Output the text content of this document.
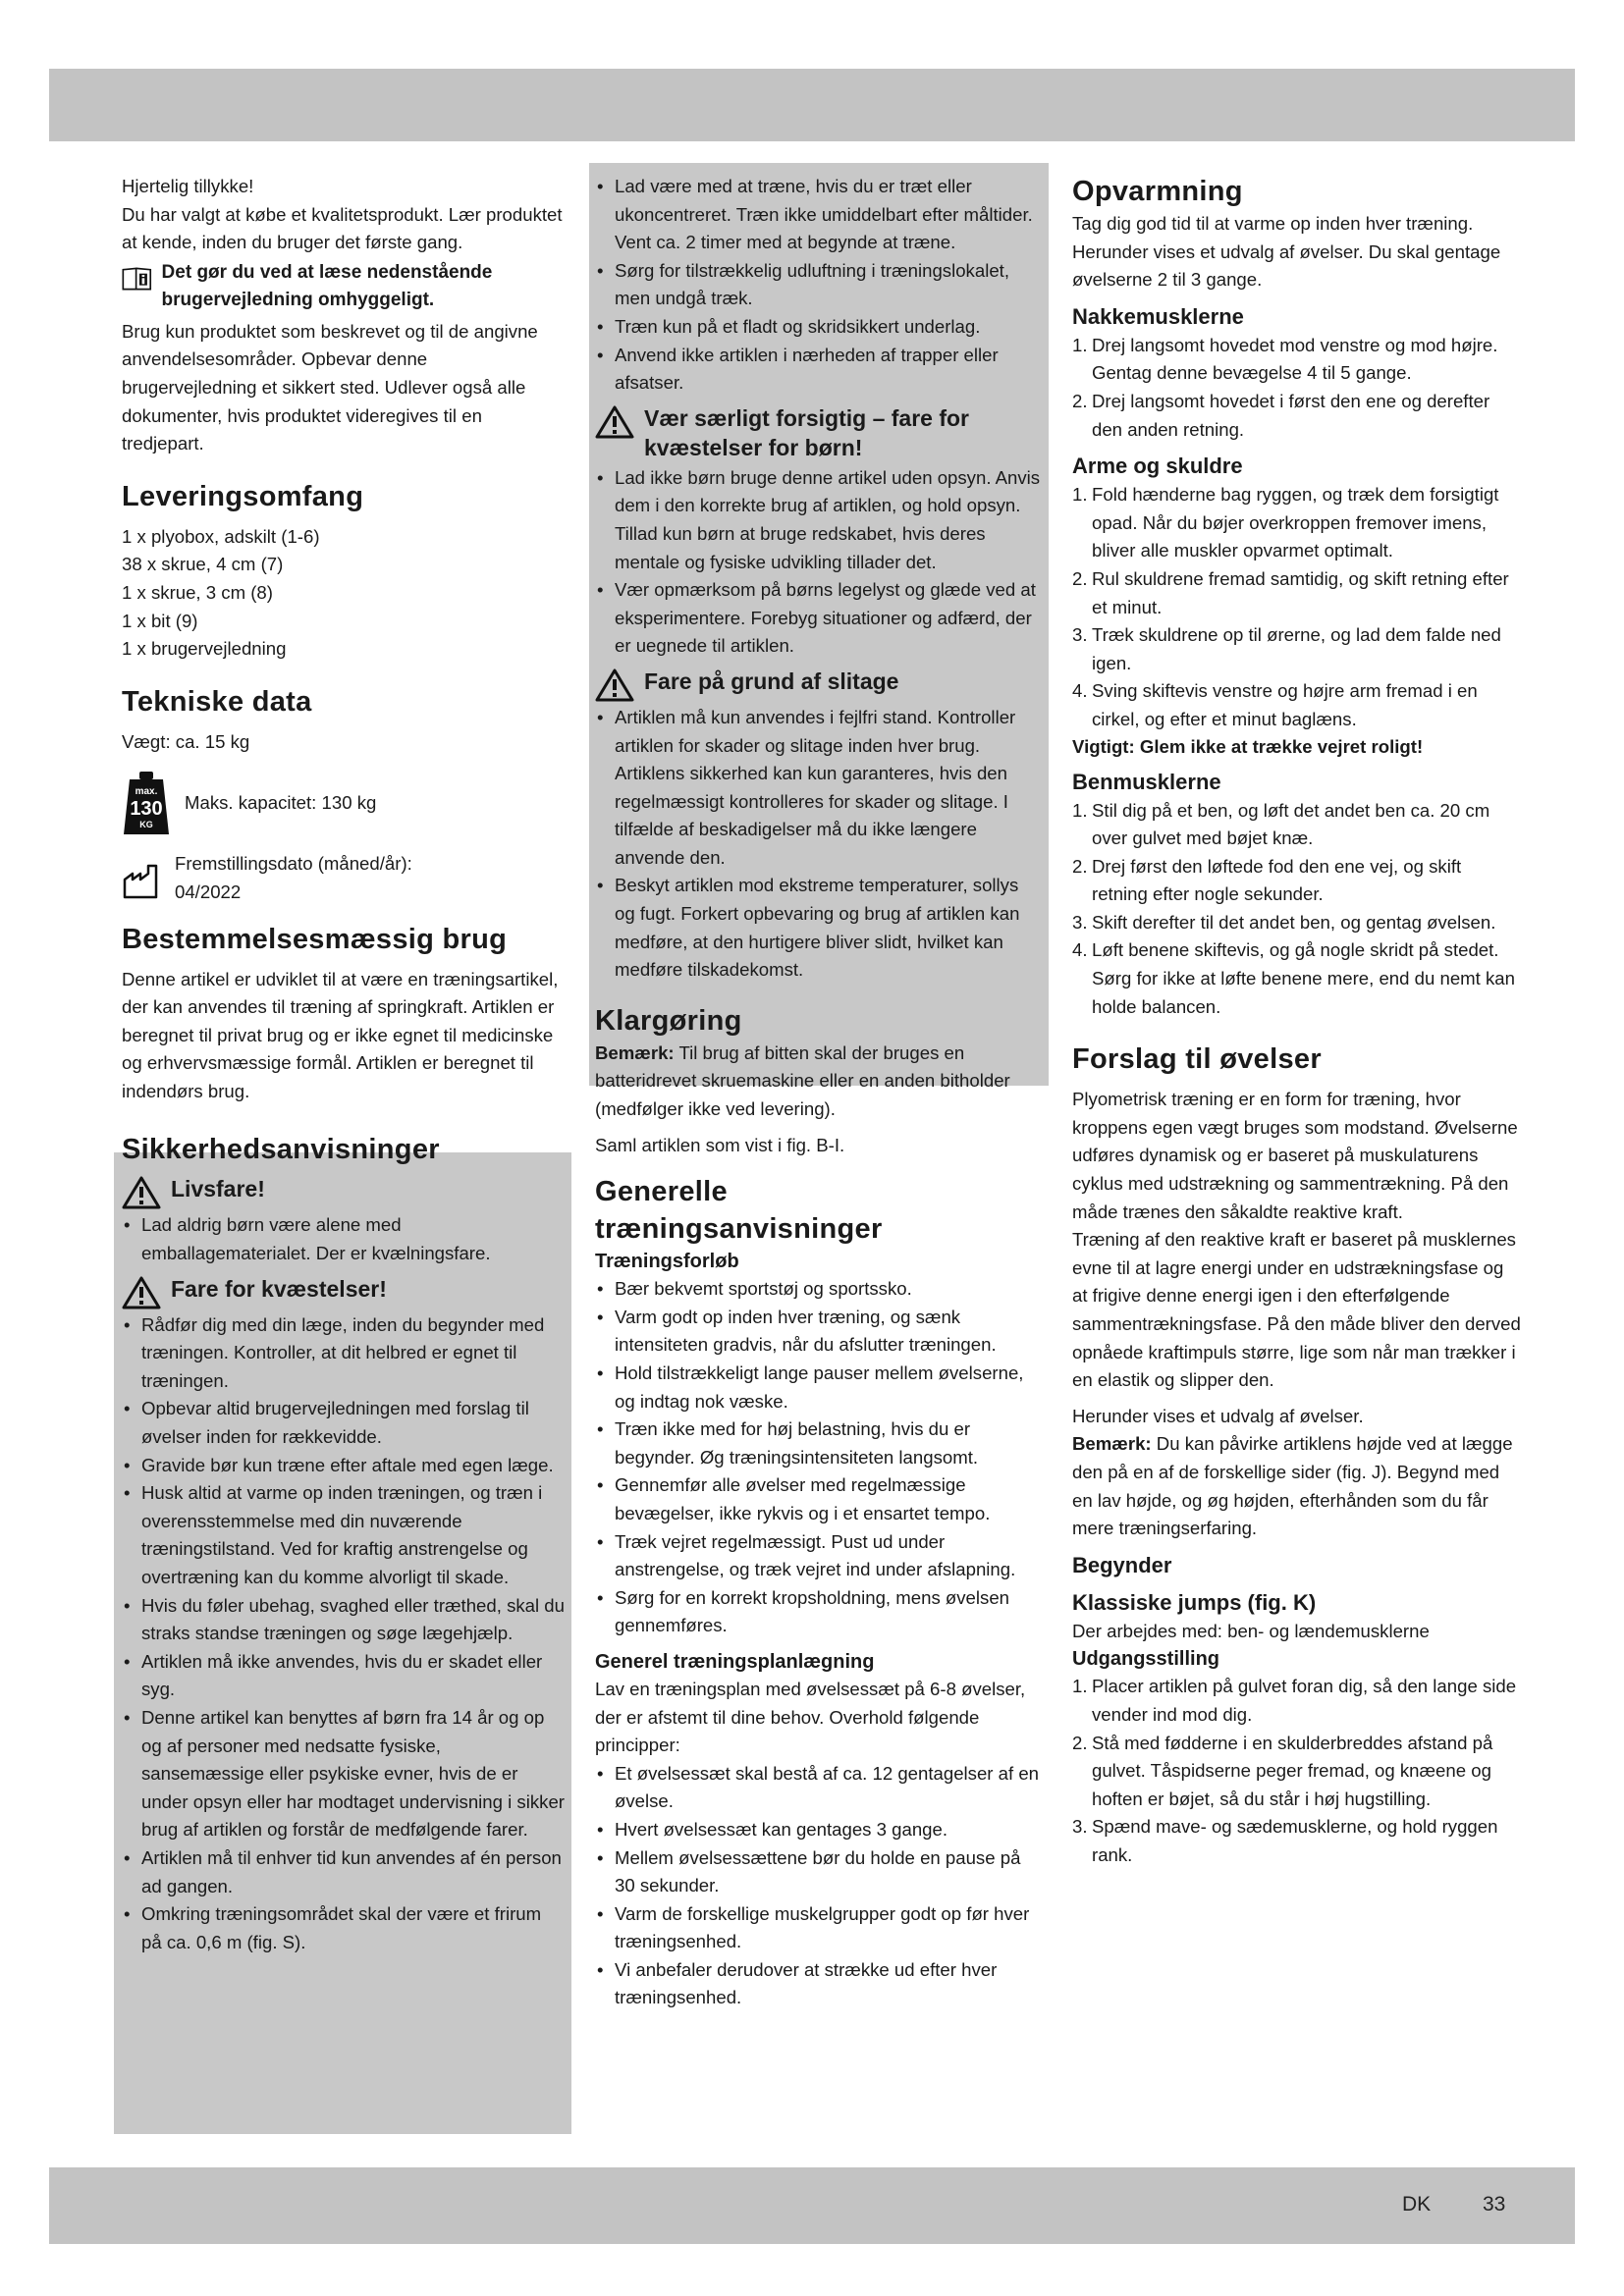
Hjertelig tillykke!

Du har valgt at købe et kvalitetsprodukt. Lær produktet at kende, inden du bruger det første gang.

Det gør du ved at læse nedenstående brugervejledning omhyggeligt.

Brug kun produktet som beskrevet og til de angivne anvendelsesområder. Opbevar denne brugervejledning et sikkert sted. Udlever også alle dokumenter, hvis produktet videregives til en tredjepart.

Leveringsomfang

1 x plyobox, adskilt (1-6)

38 x skrue, 4 cm (7)

1 x skrue, 3 cm (8)

1 x bit (9)

1 x brugervejledning

Tekniske data

Vægt: ca. 15 kg

max.
130
KG
Maks. kapacitet: 130 kg

Fremstillingsdato (måned/år):

04/2022

Bestemmelsesmæssig brug

Denne artikel er udviklet til at være en træningsartikel, der kan anvendes til træning af springkraft. Artiklen er beregnet til privat brug og er ikke egnet til medicinske og erhvervsmæssige formål. Artiklen er beregnet til indendørs brug.

Sikkerhedsanvisninger
Livsfare!
• Lad aldrig børn være alene med emballagematerialet. Der er kvælningsfare.
Fare for kvæstelser!
• Rådfør dig med din læge, inden du begynder med træningen. Kontroller, at dit helbred er egnet til træningen.
• Opbevar altid brugervejledningen med forslag til øvelser inden for rækkevidde.
• Gravide bør kun træne efter aftale med egen læge.
• Husk altid at varme op inden træningen, og træn i overensstemmelse med din nuværende træningstilstand. Ved for kraftig anstrengelse og overtræning kan du komme alvorligt til skade.
• Hvis du føler ubehag, svaghed eller træthed, skal du straks standse træningen og søge lægehjælp.
• Artiklen må ikke anvendes, hvis du er skadet eller syg.
• Denne artikel kan benyttes af børn fra 14 år og op og af personer med nedsatte fysiske, sansemæssige eller psykiske evner, hvis de er under opsyn eller har modtaget undervisning i sikker brug af artiklen og forstår de medfølgende farer.
• Artiklen må til enhver tid kun anvendes af én person ad gangen.
• Omkring træningsområdet skal der være et frirum på ca. 0,6 m (fig. S).
• Lad være med at træne, hvis du er træt eller ukoncentreret. Træn ikke umiddelbart efter måltider. Vent ca. 2 timer med at begynde at træne.
• Sørg for tilstrækkelig udluftning i træningslokalet, men undgå træk.
• Træn kun på et fladt og skridsikkert underlag.
• Anvend ikke artiklen i nærheden af trapper eller afsatser.
Vær særligt forsigtig – fare for kvæstelser for børn!
• Lad ikke børn bruge denne artikel uden opsyn. Anvis dem i den korrekte brug af artiklen, og hold opsyn. Tillad kun børn at bruge redskabet, hvis deres mentale og fysiske udvikling tillader det.
• Vær opmærksom på børns legelyst og glæde ved at eksperimentere. Forebyg situationer og adfærd, der er uegnede til artiklen.
Fare på grund af slitage
• Artiklen må kun anvendes i fejlfri stand. Kontroller artiklen for skader og slitage inden hver brug. Artiklens sikkerhed kan kun garanteres, hvis den regelmæssigt kontrolleres for skader og slitage. I tilfælde af beskadigelser må du ikke længere anvende den.
• Beskyt artiklen mod ekstreme temperaturer, sollys og fugt. Forkert opbevaring og brug af artiklen kan medføre, at den hurtigere bliver slidt, hvilket kan medføre tilskadekomst.
Klargøring

Bemærk: Til brug af bitten skal der bruges en batteridrevet skruemaskine eller en anden bitholder (medfølger ikke ved levering).

Saml artiklen som vist i fig. B-I.

Generelle
træningsanvisninger
Træningsforløb
• Bær bekvemt sportstøj og sportssko.
• Varm godt op inden hver træning, og sænk intensiteten gradvis, når du afslutter træningen.
• Hold tilstrækkeligt lange pauser mellem øvelserne, og indtag nok væske.
• Træn ikke med for høj belastning, hvis du er begynder. Øg træningsintensiteten langsomt.
• Gennemfør alle øvelser med regelmæssige bevægelser, ikke rykvis og i et ensartet tempo.
• Træk vejret regelmæssigt. Pust ud under anstrengelse, og træk vejret ind under afslapning.
• Sørg for en korrekt kropsholdning, mens øvelsen gennemføres.
Generel træningsplanlægning

Lav en træningsplan med øvelsessæt på 6-8 øvelser, der er afstemt til dine behov. Overhold følgende principper:

• Et øvelsessæt skal bestå af ca. 12 gentagelser af en øvelse.
• Hvert øvelsessæt kan gentages 3 gange.
• Mellem øvelsessættene bør du holde en pause på 30 sekunder.
• Varm de forskellige muskelgrupper godt op før hver træningsenhed.
• Vi anbefaler derudover at strække ud efter hver træningsenhed.
Opvarmning

Tag dig god tid til at varme op inden hver træning. Herunder vises et udvalg af øvelser. Du skal gentage øvelserne 2 til 3 gange.

Nakkemusklerne
1. Drej langsomt hovedet mod venstre og mod højre. Gentag denne bevægelse 4 til 5 gange.
2. Drej langsomt hovedet i først den ene og derefter den anden retning.
Arme og skuldre
1. Fold hænderne bag ryggen, og træk dem forsigtigt opad. Når du bøjer overkroppen fremover imens, bliver alle muskler opvarmet optimalt.
2. Rul skuldrene fremad samtidig, og skift retning efter et minut.
3. Træk skuldrene op til ørerne, og lad dem falde ned igen.
4. Sving skiftevis venstre og højre arm fremad i en cirkel, og efter et minut baglæns.

Vigtigt: Glem ikke at trække vejret roligt!

Benmusklerne
1. Stil dig på et ben, og løft det andet ben ca. 20 cm over gulvet med bøjet knæ.
2. Drej først den løftede fod den ene vej, og skift retning efter nogle sekunder.
3. Skift derefter til det andet ben, og gentag øvelsen.
4. Løft benene skiftevis, og gå nogle skridt på stedet. Sørg for ikke at løfte benene mere, end du nemt kan holde balancen.
Forslag til øvelser

Plyometrisk træning er en form for træning, hvor kroppens egen vægt bruges som modstand. Øvelserne udføres dynamisk og er baseret på muskulaturens cyklus med udstrækning og sammentrækning. På den måde trænes den såkaldte reaktive kraft.

Træning af den reaktive kraft er baseret på musklernes evne til at lagre energi under en udstrækningsfase og at frigive denne energi igen i den efterfølgende sammentrækningsfase. På den måde bliver den derved opnåede kraftimpuls større, lige som når man trækker i en elastik og slipper den.

Herunder vises et udvalg af øvelser.

Bemærk: Du kan påvirke artiklens højde ved at lægge den på en af de forskellige sider (fig. J). Begynd med en lav højde, og øg højden, efterhånden som du får mere træningserfaring.

Begynder
Klassiske jumps (fig. K)

Der arbejdes med: ben- og lændemusklerne

Udgangsstilling
1. Placer artiklen på gulvet foran dig, så den lange side vender ind mod dig.
2. Stå med fødderne i en skulderbreddes afstand på gulvet. Tåspidserne peger fremad, og knæene og hoften er bøjet, så du står i høj hugstilling.
3. Spænd mave- og sædemusklerne, og hold ryggen rank.
DK	33
